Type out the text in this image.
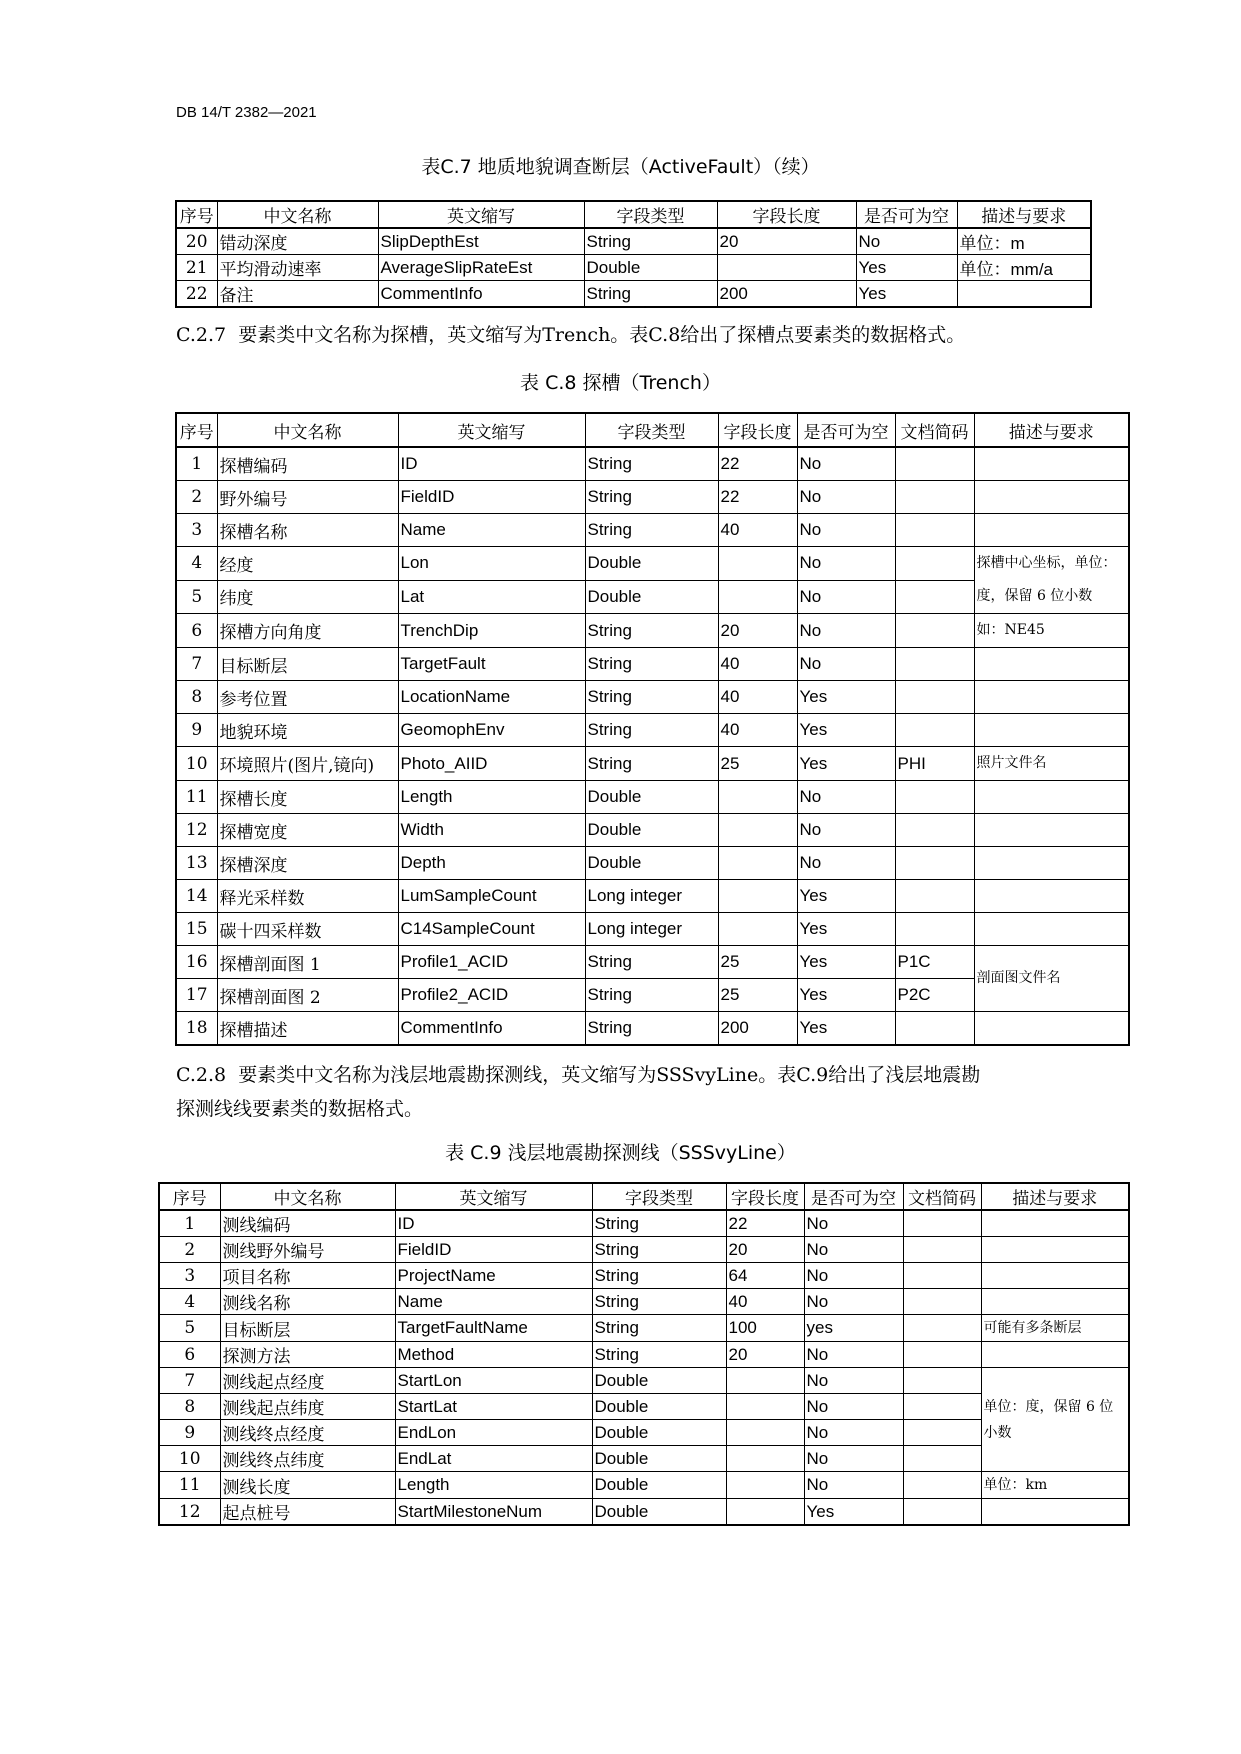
DB 14/T 2382—2021
表C.7 地质地貌调查断层（ActiveFault）（续）
序号	中文名称	英文缩写	字段类型	字段长度	是否可为空	描述与要求
20	错动深度	SlipDepthEst	String	20	No	单位：m
21	平均滑动速率	AverageSlipRateEst	Double		Yes	单位：mm/a
22	备注	CommentInfo	String	200	Yes	
C.2.7  要素类中文名称为探槽，英文缩写为Trench。表C.8给出了探槽点要素类的数据格式。
表 C.8 探槽（Trench）
序号	中文名称	英文缩写	字段类型	字段长度	是否可为空	文档简码	描述与要求
1	探槽编码	ID	String	22	No		
2	野外编号	FieldID	String	22	No		
3	探槽名称	Name	String	40	No		
4	经度	Lon	Double		No		探槽中心坐标，单位：度，保留 6 位小数
5	纬度	Lat	Double		No		
6	探槽方向角度	TrenchDip	String	20	No		如：NE45
7	目标断层	TargetFault	String	40	No		
8	参考位置	LocationName	String	40	Yes		
9	地貌环境	GeomophEnv	String	40	Yes		
10	环境照片(图片,镜向)	Photo_AIID	String	25	Yes	PHI	照片文件名
11	探槽长度	Length	Double		No		
12	探槽宽度	Width	Double		No		
13	探槽深度	Depth	Double		No		
14	释光采样数	LumSampleCount	Long integer		Yes		
15	碳十四采样数	C14SampleCount	Long integer		Yes		
16	探槽剖面图 1	Profile1_ACID	String	25	Yes	P1C	剖面图文件名
17	探槽剖面图 2	Profile2_ACID	String	25	Yes	P2C	
18	探槽描述	CommentInfo	String	200	Yes		
C.2.8  要素类中文名称为浅层地震勘探测线，英文缩写为SSSvyLine。表C.9给出了浅层地震勘
探测线线要素类的数据格式。
表 C.9 浅层地震勘探测线（SSSvyLine）
序号	中文名称	英文缩写	字段类型	字段长度	是否可为空	文档简码	描述与要求
1	测线编码	ID	String	22	No		
2	测线野外编号	FieldID	String	20	No		
3	项目名称	ProjectName	String	64	No		
4	测线名称	Name	String	40	No		
5	目标断层	TargetFaultName	String	100	yes		可能有多条断层
6	探测方法	Method	String	20	No		
7	测线起点经度	StartLon	Double		No		单位：度，保留 6 位小数
8	测线起点纬度	StartLat	Double		No		
9	测线终点经度	EndLon	Double		No		
10	测线终点纬度	EndLat	Double		No		
11	测线长度	Length	Double		No		单位：km
12	起点桩号	StartMilestoneNum	Double		Yes		
